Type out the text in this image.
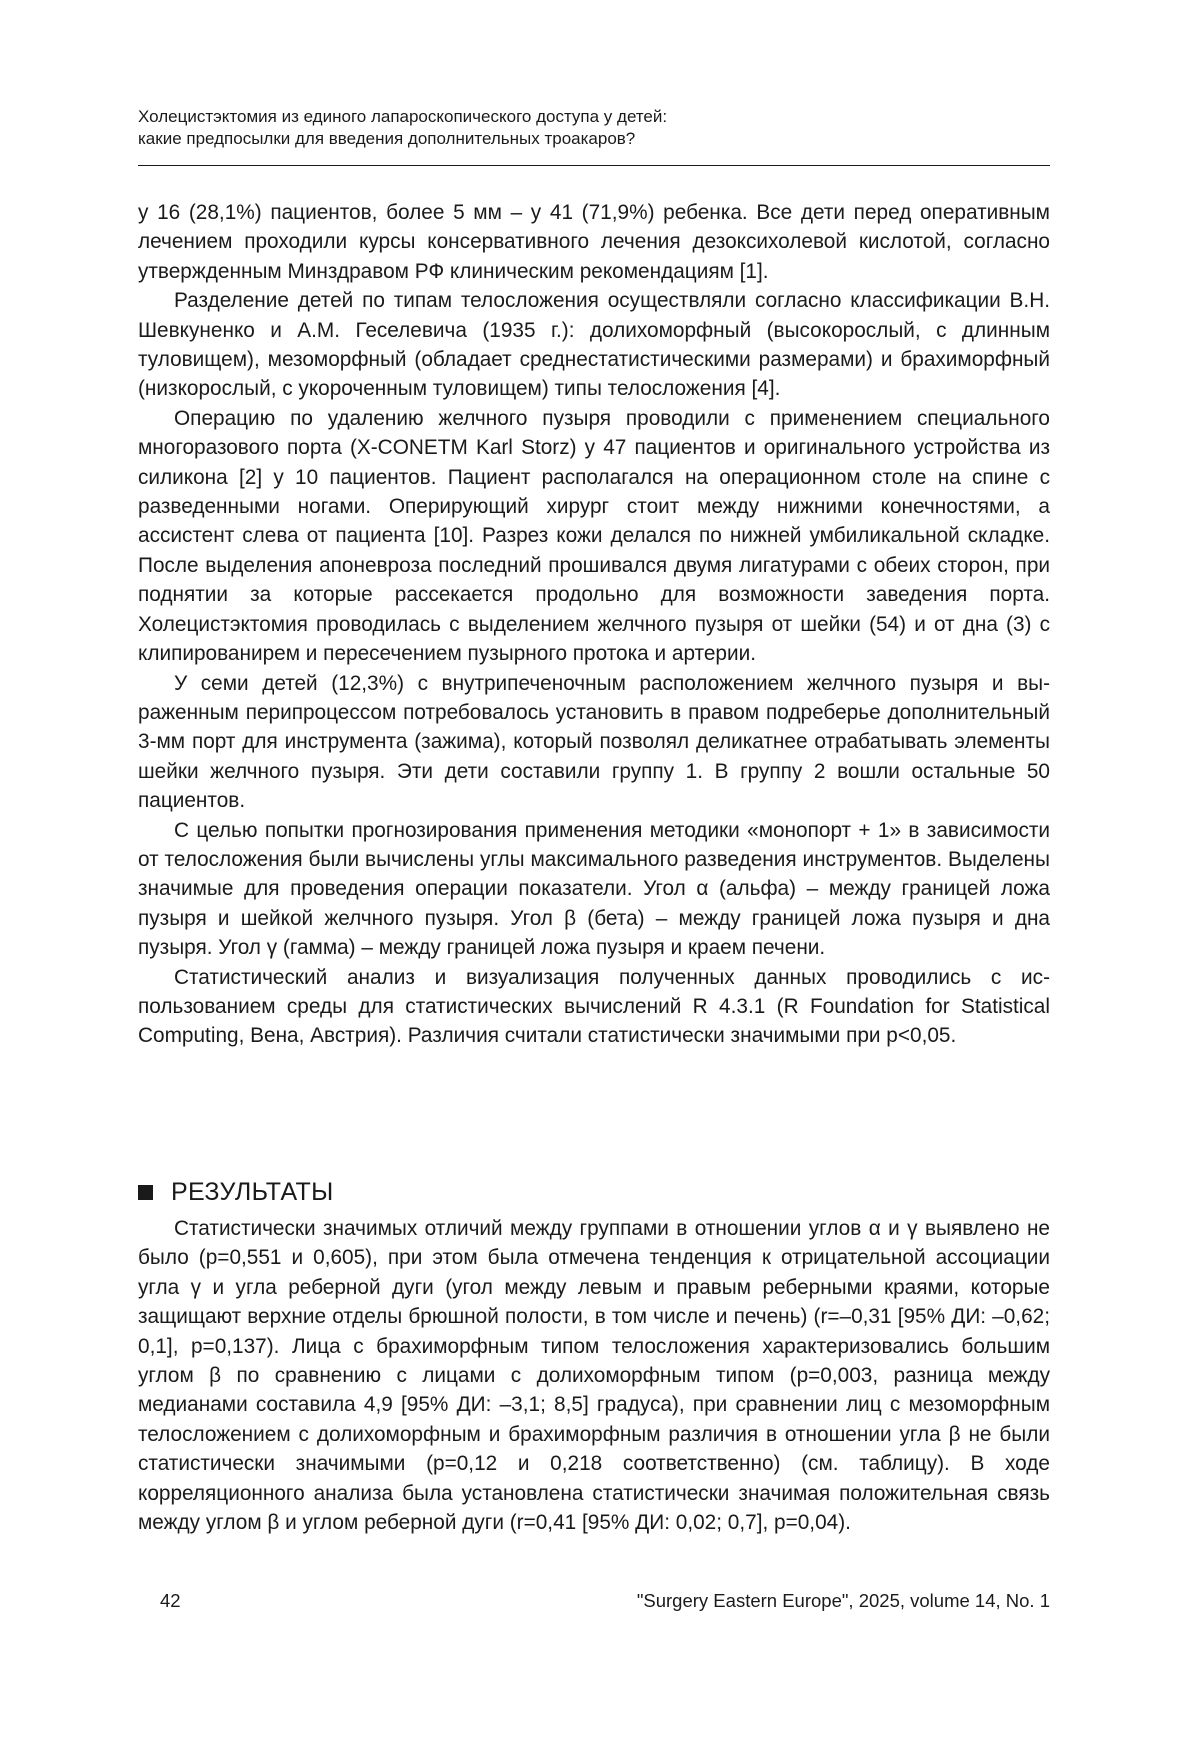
Холецистэктомия из единого лапароскопического доступа у детей:
какие предпосылки для введения дополнительных троакаров?

у 16 (28,1%) пациентов, более 5 мм – у 41 (71,9%) ребенка. Все дети перед оперативным лечением проходили курсы консервативного лечения дезоксихолевой кислотой, согласно утвержденным Минздравом РФ клиническим рекомендациям [1].

Разделение детей по типам телосложения осуществляли согласно классификации В.Н. Шевкуненко и А.М. Геселевича (1935 г.): долихоморфный (высокорослый, с длинным туловищем), мезоморфный (обладает среднестатистическими размерами) и брахиморфный (низкорослый, с укороченным туловищем) типы телосложения [4].

Операцию по удалению желчного пузыря проводили с применением специального многоразового порта (X-CONETM Karl Storz) у 47 пациентов и оригинального устройства из силикона [2] у 10 пациентов. Пациент располагался на операционном столе на спине с разведенными ногами. Оперирующий хирург стоит между нижними конечностями, а ассистент слева от пациента [10]. Разрез кожи делался по нижней умбиликальной складке. После выделения апоневроза последний прошивался двумя лигатурами с обеих сторон, при поднятии за которые рассекается продольно для возможности заведения порта. Холецистэктомия проводилась с выделением желчного пузыря от шейки (54) и от дна (3) с клипированирем и пересечением пузырного протока и артерии.

У семи детей (12,3%) с внутрипеченочным расположением желчного пузыря и выраженным перипроцессом потребовалось установить в правом подреберье дополнительный 3-мм порт для инструмента (зажима), который позволял деликатнее отрабатывать элементы шейки желчного пузыря. Эти дети составили группу 1. В группу 2 вошли остальные 50 пациентов.

С целью попытки прогнозирования применения методики «монопорт + 1» в зависимости от телосложения были вычислены углы максимального разведения инструментов. Выделены значимые для проведения операции показатели. Угол α (альфа) – между границей ложа пузыря и шейкой желчного пузыря. Угол β (бета) – между границей ложа пузыря и дна пузыря. Угол γ (гамма) – между границей ложа пузыря и краем печени.

Статистический анализ и визуализация полученных данных проводились с использованием среды для статистических вычислений R 4.3.1 (R Foundation for Statistical Computing, Вена, Австрия). Различия считали статистически значимыми при p<0,05.

РЕЗУЛЬТАТЫ

Статистически значимых отличий между группами в отношении углов α и γ выявлено не было (p=0,551 и 0,605), при этом была отмечена тенденция к отрицательной ассоциации угла γ и угла реберной дуги (угол между левым и правым реберными краями, которые защищают верхние отделы брюшной полости, в том числе и печень) (r=–0,31 [95% ДИ: –0,62; 0,1], p=0,137). Лица с брахиморфным типом телосложения характеризовались большим углом β по сравнению с лицами с долихоморфным типом (p=0,003, разница между медианами составила 4,9 [95% ДИ: –3,1; 8,5] градуса), при сравнении лиц с мезоморфным телосложением с долихоморфным и брахиморфным различия в отношении угла β не были статистически значимыми (p=0,12 и 0,218 соответственно) (см. таблицу). В ходе корреляционного анализа была установлена статистически значимая положительная связь между углом β и углом реберной дуги (r=0,41 [95% ДИ: 0,02; 0,7], p=0,04).

42	"Surgery Eastern Europe", 2025, volume 14, No. 1
